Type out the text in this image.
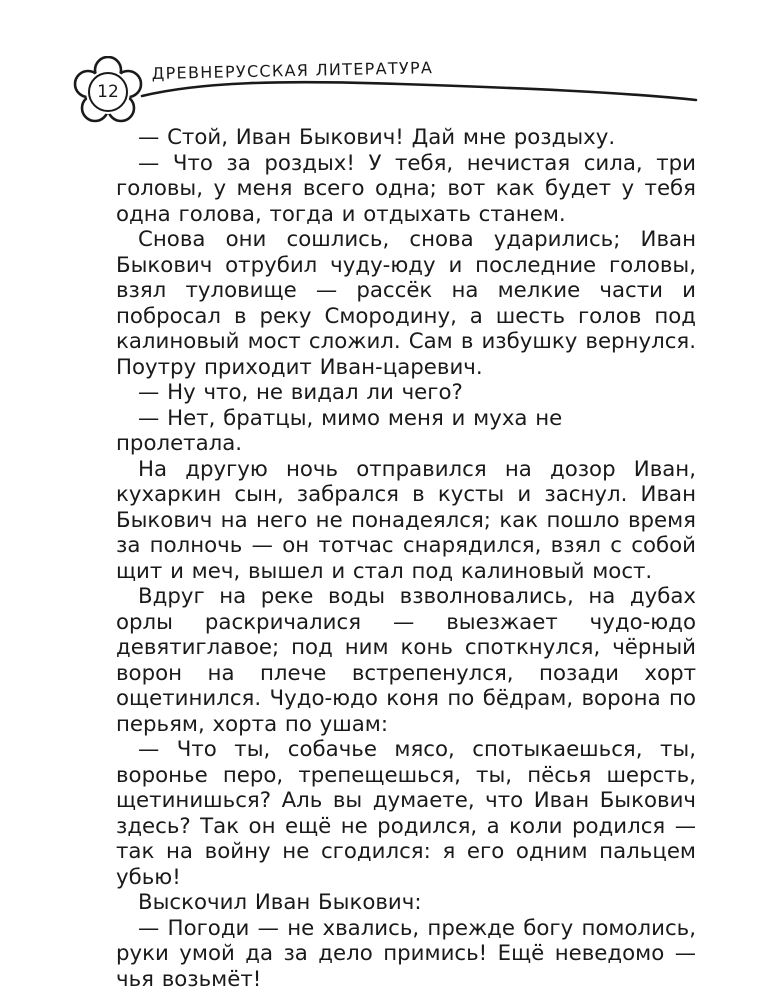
12
ДРЕВНЕРУССКАЯ ЛИТЕРАТУРА

— Стой, Иван Быкович! Дай мне роздыху.

— Что за роздых! У тебя, нечистая сила, три головы, у меня всего одна; вот как будет у тебя одна голова, тогда и отдыхать станем.

Снова они сошлись, снова ударились; Иван Быкович отрубил чуду-юду и последние головы, взял туловище — рассёк на мелкие части и побросал в реку Смородину, а шесть голов под калиновый мост сложил. Сам в избушку вернулся. Поутру приходит Иван-царевич.

— Ну что, не видал ли чего?

— Нет, братцы, мимо меня и муха не пролетала.

На другую ночь отправился на дозор Иван, кухаркин сын, забрался в кусты и заснул. Иван Быкович на него не понадеялся; как пошло время за полночь — он тотчас снарядился, взял с собой щит и меч, вышел и стал под калиновый мост.

Вдруг на реке воды взволновались, на дубах орлы раскричалися — выезжает чудо-юдо девятиглавое; под ним конь споткнулся, чёрный ворон на плече встрепенулся, позади хорт ощетинился. Чудо-юдо коня по бёдрам, ворона по перьям, хорта по ушам:

— Что ты, собачье мясо, спотыкаешься, ты, воронье перо, трепещешься, ты, пёсья шерсть, щетинишься? Аль вы думаете, что Иван Быкович здесь? Так он ещё не родился, а коли родился — так на войну не сгодился: я его одним пальцем убью!

Выскочил Иван Быкович:

— Погоди — не хвались, прежде богу помолись, руки умой да за дело примись! Ещё неведомо — чья возьмёт!
